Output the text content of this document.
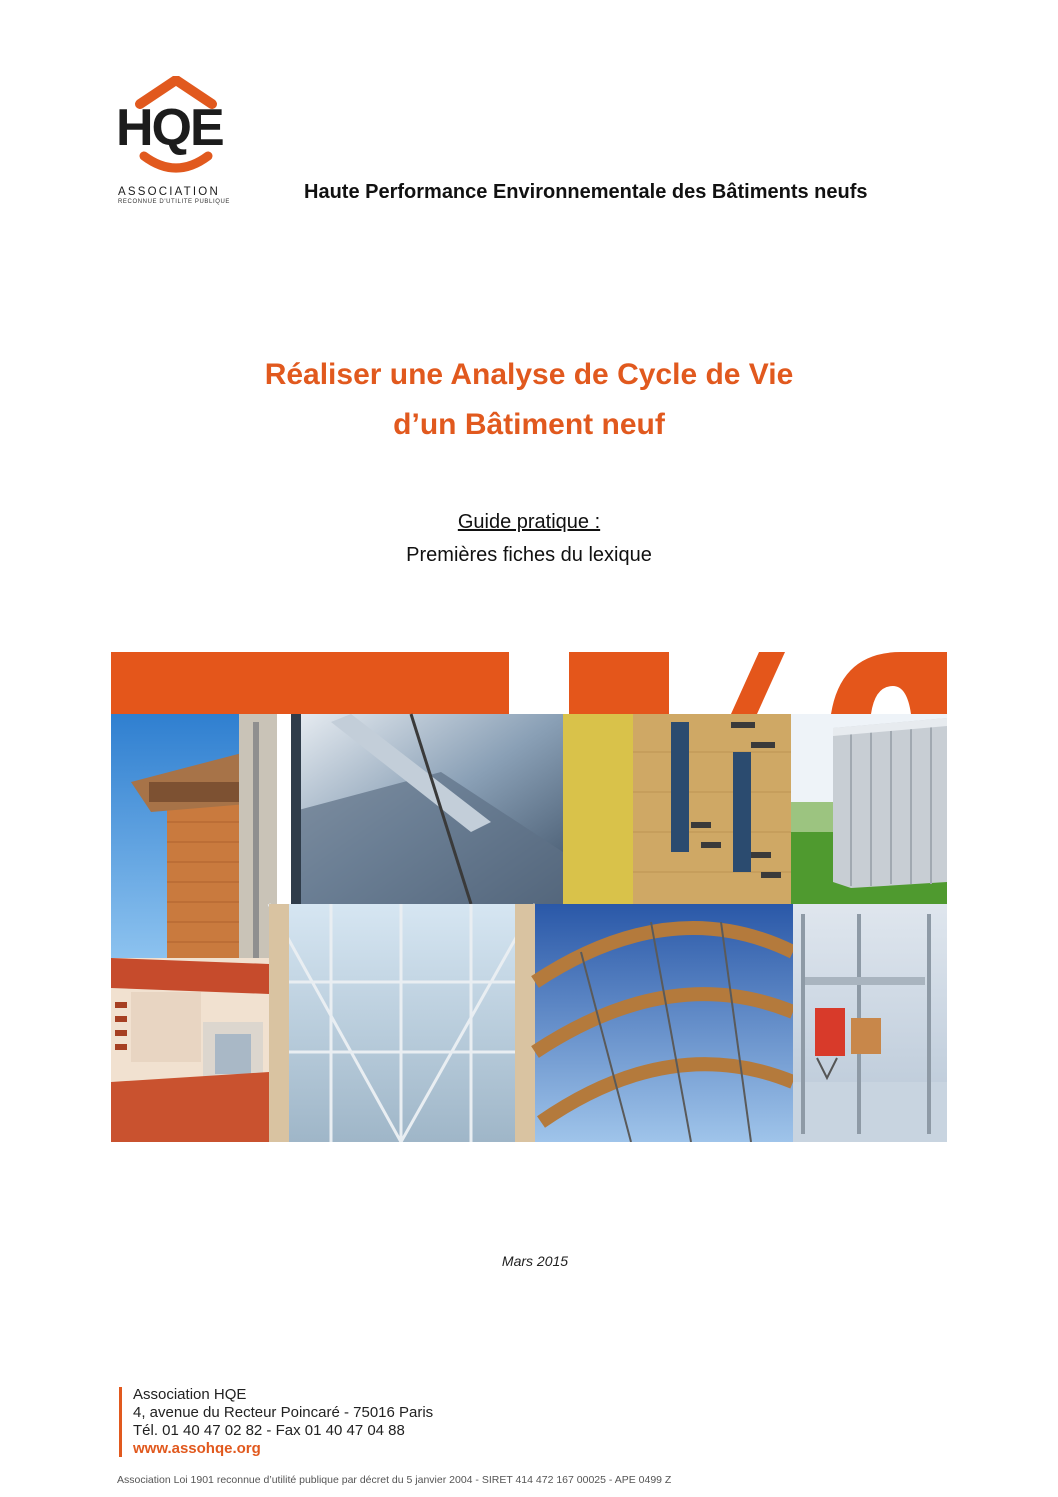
HQE
ASSOCIATION
RECONNUE D'UTILITE PUBLIQUE	Haute Performance Environnementale des Bâtiments neufs
Réaliser une Analyse de Cycle de Vie
d’un Bâtiment neuf
Guide pratique :
Premières fiches du lexique
Mars 2015
Association HQE
4, avenue du Recteur Poincaré - 75016 Paris
Tél. 01 40 47 02 82 - Fax 01 40 47 04 88
www.assohqe.org
Association Loi 1901 reconnue d’utilité publique par décret du 5 janvier 2004 - SIRET 414 472 167 00025 - APE 0499 Z
